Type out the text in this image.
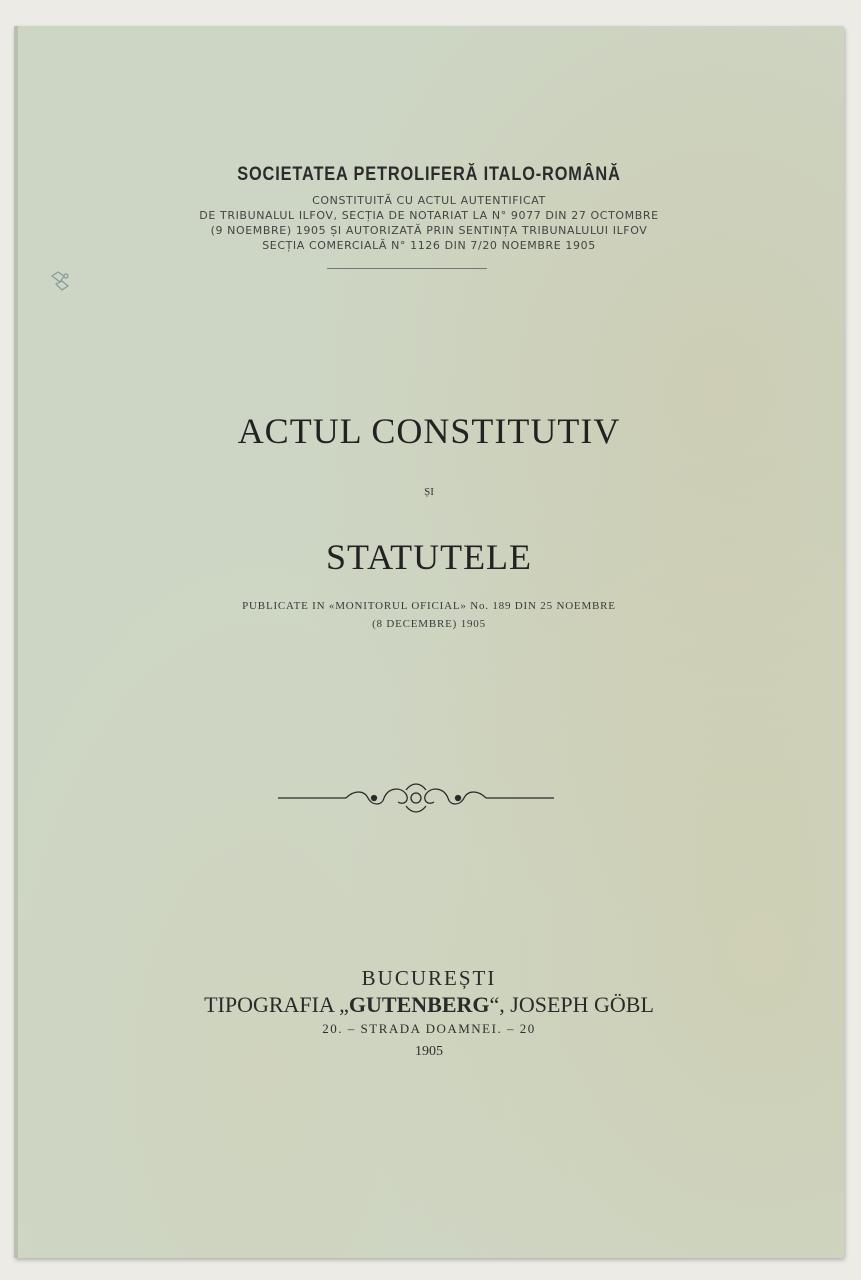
SOCIETATEA PETROLIFERĂ ITALO-ROMÂNĂ
CONSTITUITĂ CU ACTUL AUTENTIFICAT
DE TRIBUNALUL ILFOV, SECȚIA DE NOTARIAT LA N° 9077 DIN 27 OCTOMBRE
(9 NOEMBRE) 1905 ȘI AUTORIZATĂ PRIN SENTINȚA TRIBUNALULUI ILFOV
SECȚIA COMERCIALĂ N° 1126 DIN 7/20 NOEMBRE 1905
ACTUL CONSTITUTIV
ȘI
STATUTELE
PUBLICATE IN «MONITORUL OFICIAL» No. 189 DIN 25 NOEMBRE
(8 DECEMBRE) 1905
BUCUREȘTI
TIPOGRAFIA „GUTENBERG“, JOSEPH GÖBL
20. – STRADA DOAMNEI. – 20
1905
